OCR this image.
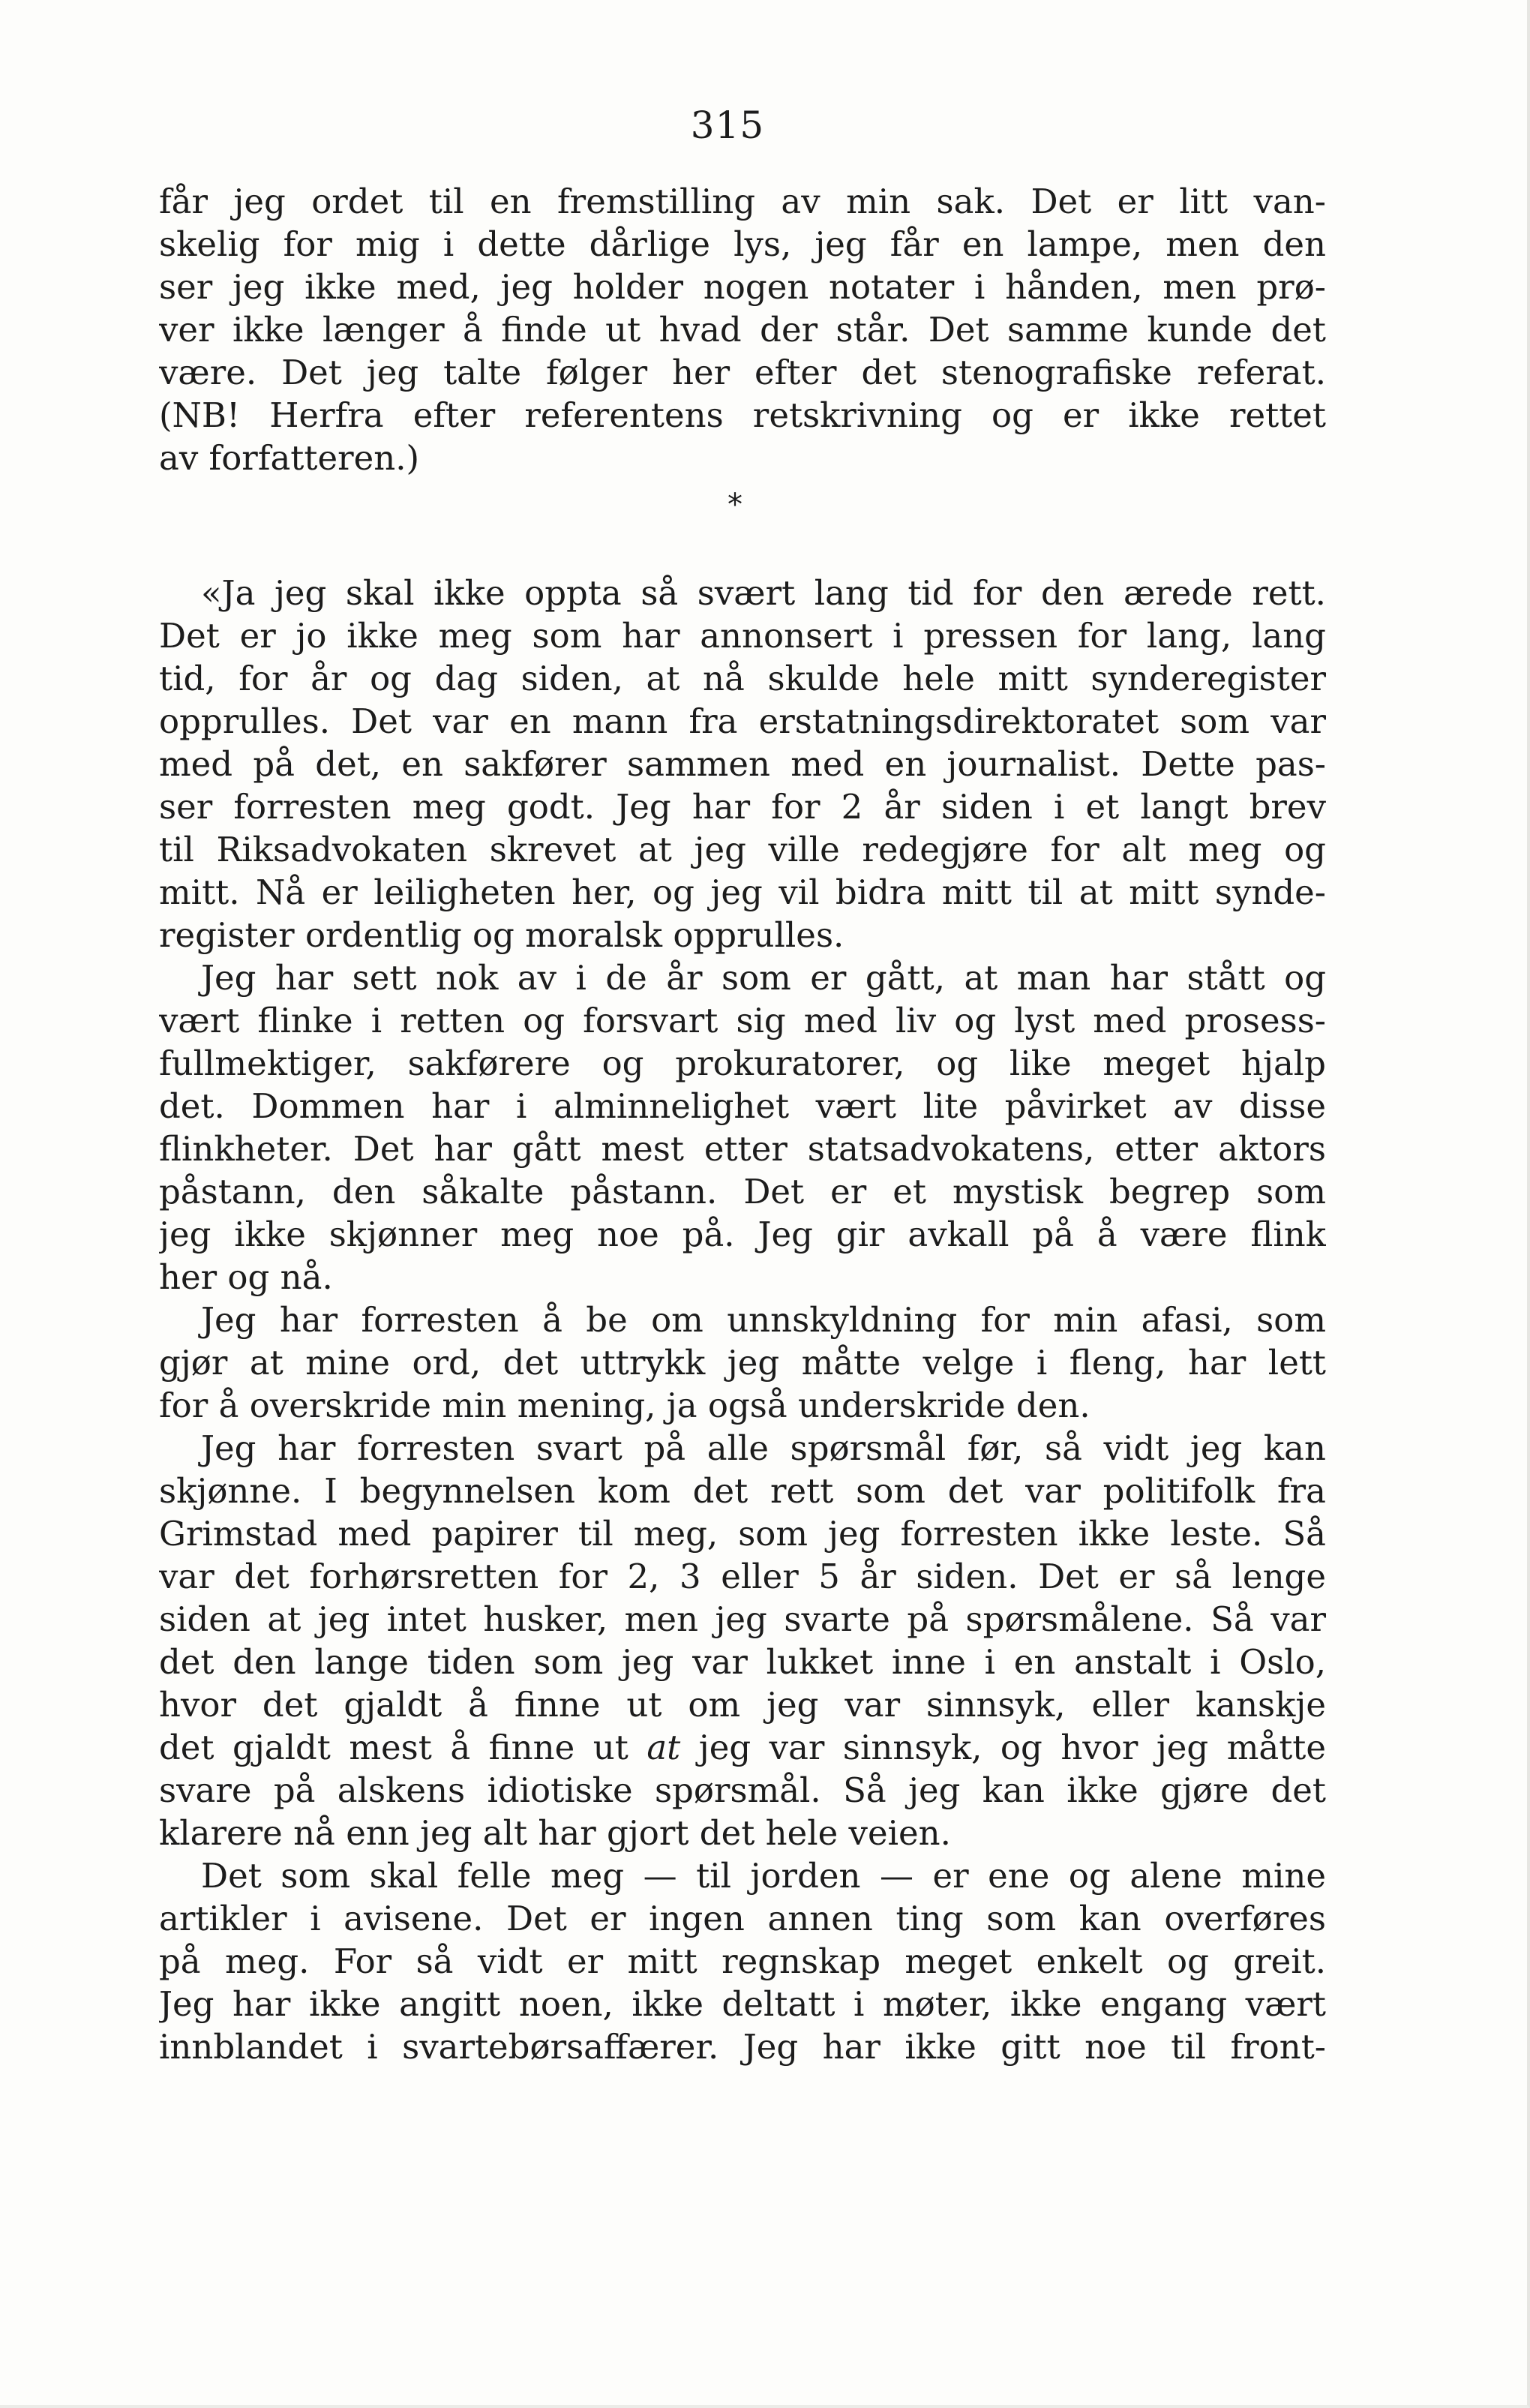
315
får jeg ordet til en fremstilling av min sak. Det er litt van-
skelig for mig i dette dårlige lys, jeg får en lampe, men den
ser jeg ikke med, jeg holder nogen notater i hånden, men prø-
ver ikke længer å finde ut hvad der står. Det samme kunde det
være. Det jeg talte følger her efter det stenografiske referat.
(NB! Herfra efter referentens retskrivning og er ikke rettet
av forfatteren.)
*
«Ja jeg skal ikke oppta så svært lang tid for den ærede rett.
Det er jo ikke meg som har annonsert i pressen for lang, lang
tid, for år og dag siden, at nå skulde hele mitt synderegister
opprulles. Det var en mann fra erstatningsdirektoratet som var
med på det, en sakfører sammen med en journalist. Dette pas-
ser forresten meg godt. Jeg har for 2 år siden i et langt brev
til Riksadvokaten skrevet at jeg ville redegjøre for alt meg og
mitt. Nå er leiligheten her, og jeg vil bidra mitt til at mitt synde-
register ordentlig og moralsk opprulles.
Jeg har sett nok av i de år som er gått, at man har stått og
vært flinke i retten og forsvart sig med liv og lyst med prosess-
fullmektiger, sakførere og prokuratorer, og like meget hjalp
det. Dommen har i alminnelighet vært lite påvirket av disse
flinkheter. Det har gått mest etter statsadvokatens, etter aktors
påstann, den såkalte påstann. Det er et mystisk begrep som
jeg ikke skjønner meg noe på. Jeg gir avkall på å være flink
her og nå.
Jeg har forresten å be om unnskyldning for min afasi, som
gjør at mine ord, det uttrykk jeg måtte velge i fleng, har lett
for å overskride min mening, ja også underskride den.
Jeg har forresten svart på alle spørsmål før, så vidt jeg kan
skjønne. I begynnelsen kom det rett som det var politifolk fra
Grimstad med papirer til meg, som jeg forresten ikke leste. Så
var det forhørsretten for 2, 3 eller 5 år siden. Det er så lenge
siden at jeg intet husker, men jeg svarte på spørsmålene. Så var
det den lange tiden som jeg var lukket inne i en anstalt i Oslo,
hvor det gjaldt å finne ut om jeg var sinnsyk, eller kanskje
det gjaldt mest å finne ut at jeg var sinnsyk, og hvor jeg måtte
svare på alskens idiotiske spørsmål. Så jeg kan ikke gjøre det
klarere nå enn jeg alt har gjort det hele veien.
Det som skal felle meg — til jorden — er ene og alene mine
artikler i avisene. Det er ingen annen ting som kan overføres
på meg. For så vidt er mitt regnskap meget enkelt og greit.
Jeg har ikke angitt noen, ikke deltatt i møter, ikke engang vært
innblandet i svartebørsaffærer. Jeg har ikke gitt noe til front-
